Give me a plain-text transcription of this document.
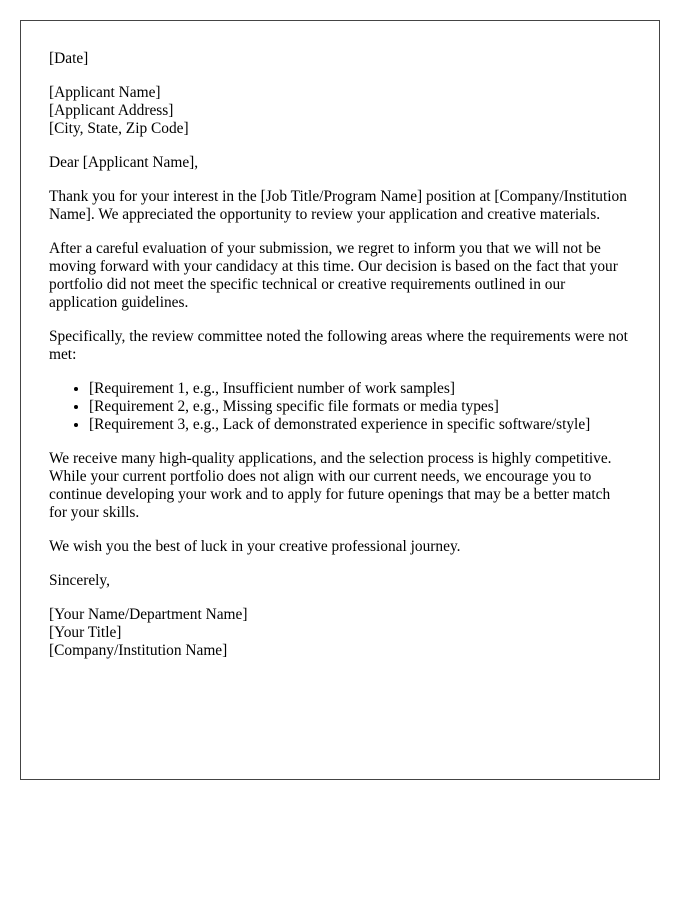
[Date]
[Applicant Name]
[Applicant Address]
[City, State, Zip Code]

Dear [Applicant Name],

Thank you for your interest in the [Job Title/Program Name] position at [Company/Institution Name]. We appreciated the opportunity to review your application and creative materials.

After a careful evaluation of your submission, we regret to inform you that we will not be moving forward with your candidacy at this time. Our decision is based on the fact that your portfolio did not meet the specific technical or creative requirements outlined in our application guidelines.

Specifically, the review committee noted the following areas where the requirements were not met:

• [Requirement 1, e.g., Insufficient number of work samples]
• [Requirement 2, e.g., Missing specific file formats or media types]
• [Requirement 3, e.g., Lack of demonstrated experience in specific software/style]

We receive many high-quality applications, and the selection process is highly competitive. While your current portfolio does not align with our current needs, we encourage you to continue developing your work and to apply for future openings that may be a better match for your skills.

We wish you the best of luck in your creative professional journey.

Sincerely,

[Your Name/Department Name]
[Your Title]
[Company/Institution Name]
